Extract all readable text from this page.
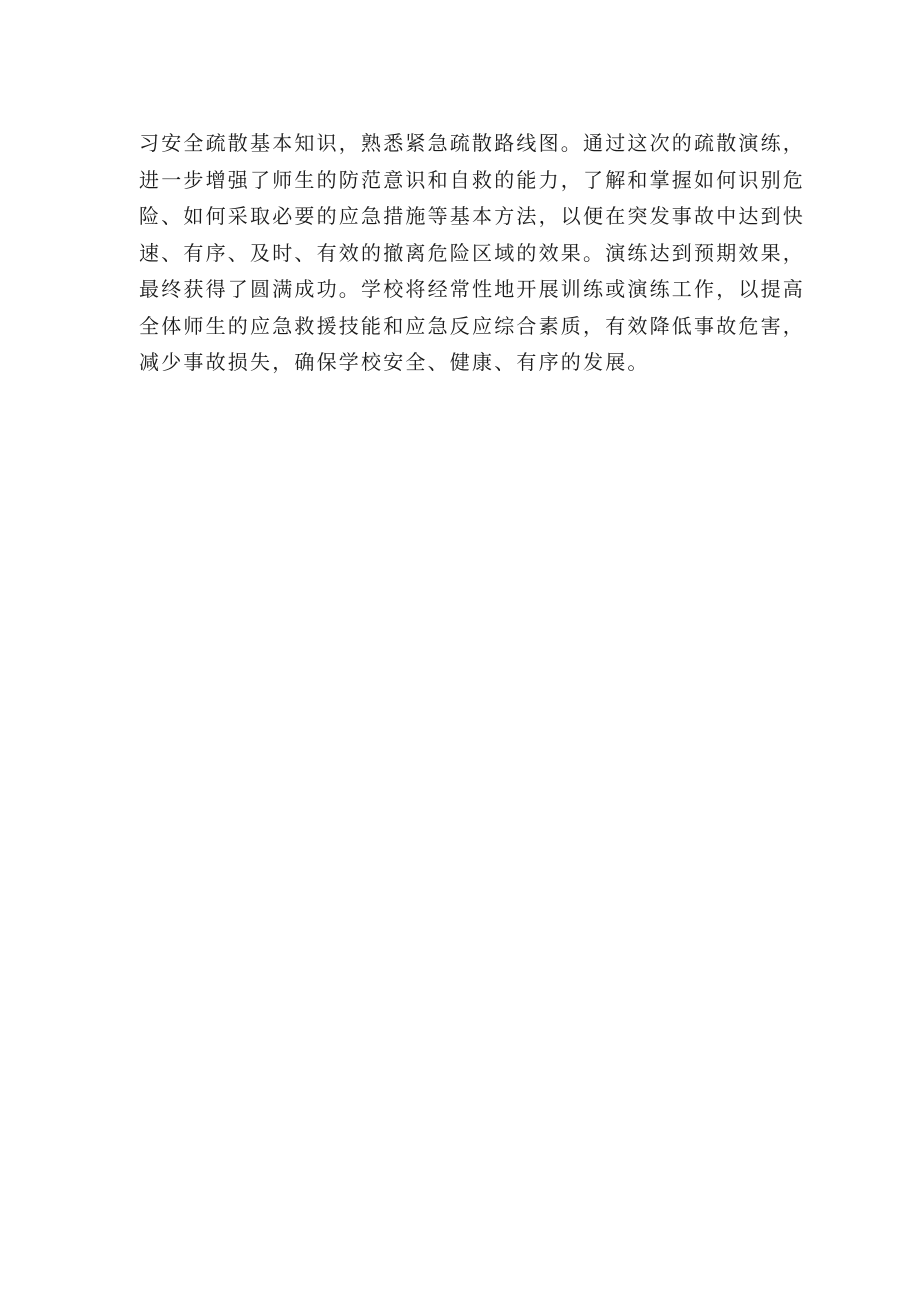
习安全疏散基本知识，熟悉紧急疏散路线图。通过这次的疏散演练，
进一步增强了师生的防范意识和自救的能力，了解和掌握如何识别危
险、如何采取必要的应急措施等基本方法，以便在突发事故中达到快
速、有序、及时、有效的撤离危险区域的效果。演练达到预期效果，
最终获得了圆满成功。学校将经常性地开展训练或演练工作，以提高
全体师生的应急救援技能和应急反应综合素质，有效降低事故危害，
减少事故损失，确保学校安全、健康、有序的发展。
